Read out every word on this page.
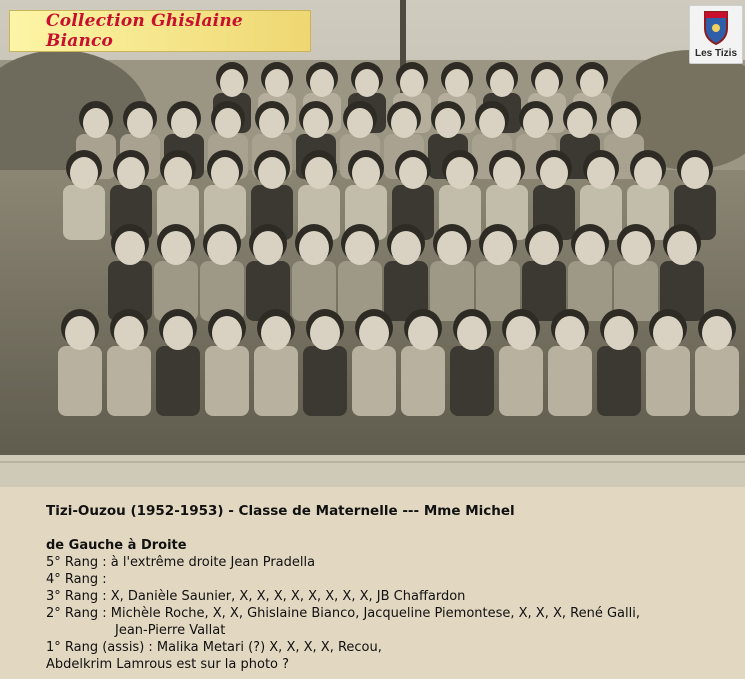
Collection Ghislaine Bianco
Les Tizis
Tizi-Ouzou (1952-1953) - Classe de Maternelle --- Mme Michel
de Gauche à Droite
5° Rang : à l'extrême droite Jean Pradella
4° Rang :
3° Rang : X, Danièle Saunier, X, X, X, X, X, X, X, X, JB Chaffardon
2° Rang : Michèle Roche, X, X, Ghislaine Bianco, Jacqueline Piemontese, X, X, X, René Galli,
Jean-Pierre Vallat
1° Rang (assis) : Malika Metari (?) X, X, X, X, Recou,
Abdelkrim Lamrous est sur la photo ?
